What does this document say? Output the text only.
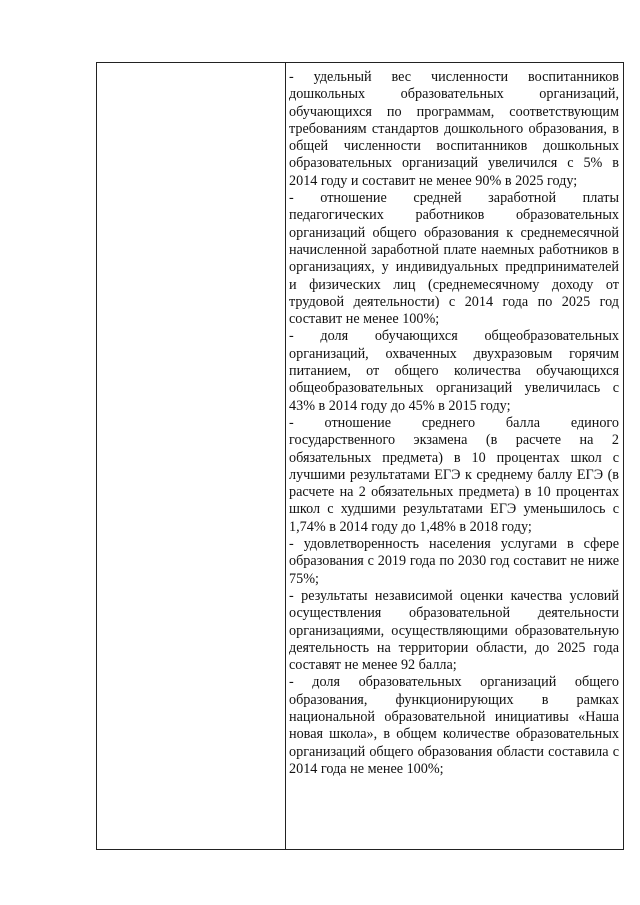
- удельный вес численности воспитанников дошкольных образовательных организаций, обучающихся по программам, соответствующим требованиям стандартов дошкольного образования, в общей численности воспитанников дошкольных образовательных организаций увеличился с 5% в 2014 году и составит не менее 90% в 2025 году;

- отношение средней заработной платы педагогических работников образовательных организаций общего образования к среднемесячной начисленной заработной плате наемных работников в организациях, у индивидуальных предпринимателей и физических лиц (среднемесячному доходу от трудовой деятельности) с 2014 года по 2025 год составит не менее 100%;

- доля обучающихся общеобразовательных организаций, охваченных двухразовым горячим питанием, от общего количества обучающихся общеобразовательных организаций увеличилась с 43% в 2014 году до 45% в 2015 году;

- отношение среднего балла единого государственного экзамена (в расчете на 2 обязательных предмета) в 10 процентах школ с лучшими результатами ЕГЭ к среднему баллу ЕГЭ (в расчете на 2 обязательных предмета) в 10 процентах школ с худшими результатами ЕГЭ уменьшилось с 1,74% в 2014 году до 1,48% в 2018 году;

- удовлетворенность населения услугами в сфере образования с 2019 года по 2030 год составит не ниже 75%;

- результаты независимой оценки качества условий осуществления образовательной деятельности организациями, осуществляющими образовательную деятельность на территории области, до 2025 года составят не менее 92 балла;

- доля образовательных организаций общего образования, функционирующих в рамках национальной образовательной инициативы «Наша новая школа», в общем количестве образовательных организаций общего образования области составила с 2014 года не менее 100%;
